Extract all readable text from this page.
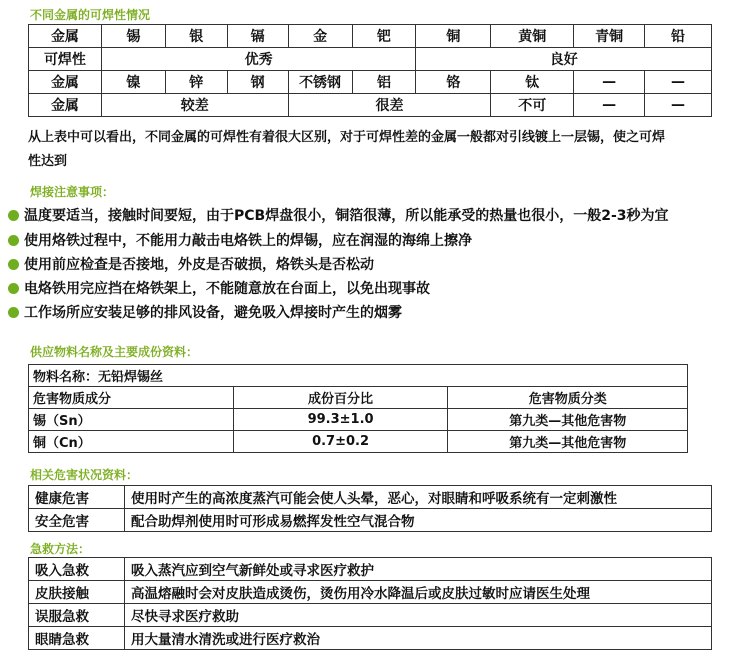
不同金属的可焊性情况
金属	锡	银	镉	金	钯	铜	黄铜	青铜	铅
可焊性	优秀					良好			
金属	镍	锌	钢	不锈钢	铝	铬	钛	—	—
金属	较差			很差			不可	—	—
从上表中可以看出，不同金属的可焊性有着很大区别，对于可焊性差的金属一般都对引线镀上一层锡，使之可焊
性达到
焊接注意事项：
温度要适当，接触时间要短，由于PCB焊盘很小，铜箔很薄，所以能承受的热量也很小，一般2-3秒为宜
使用烙铁过程中，不能用力敲击电烙铁上的焊锡，应在润湿的海绵上擦净
使用前应检查是否接地，外皮是否破损，烙铁头是否松动
电烙铁用完应挡在烙铁架上，不能随意放在台面上，以免出现事故
工作场所应安装足够的排风设备，避免吸入焊接时产生的烟雾
供应物料名称及主要成份资料：
物料名称：无铅焊锡丝		
危害物质成分	成份百分比	危害物质分类
锡（Sn）	99.3±1.0	第九类—其他危害物
铜（Cn）	0.7±0.2	第九类—其他危害物
相关危害状况资料：
健康危害	使用时产生的高浓度蒸汽可能会使人头晕，恶心，对眼睛和呼吸系统有一定刺激性
安全危害	配合助焊剂使用时可形成易燃挥发性空气混合物
急救方法：
吸入急救	吸入蒸汽应到空气新鲜处或寻求医疗救护
皮肤接触	高温熔融时会对皮肤造成烫伤，烫伤用冷水降温后或皮肤过敏时应请医生处理
误服急救	尽快寻求医疗救助
眼睛急救	用大量清水清洗或进行医疗救治
